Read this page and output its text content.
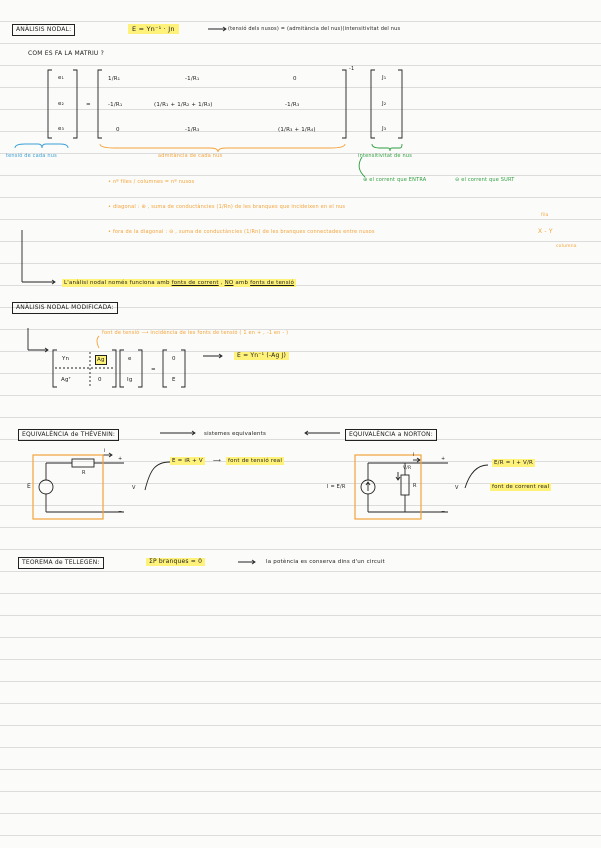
ANÀLISIS NODAL:	E = Yn⁻¹ · Jn	(tensió dels nusos) = (admitància del nus)(intensitivitat del nus
COM ES FA LA MATRIU ?
e₁
e₂
e₃
=
1/R₁	-1/R₁	0
-1/R₁	(1/R₁ + 1/R₂ + 1/R₃)	-1/R₃
0	-1/R₃	(1/R₃ + 1/R₄)
-1
J₁
J₂
J₃
tensió de cada nus	admitància de cada nus	intensitivitat de nus
⊕ el corrent que ENTRA	⊖ el corrent que SURT
• nº files / columnes = nº nusos
• diagonal : ⊕ , suma de conductàncies (1/Rn) de les branques que incideixen en el nus
• fora de la diagonal : ⊖ , suma de conductàncies (1/Rn) de les branques connectades entre nusos	X - Y
fila
columna
L'anàlisi nodal només funciona amb fonts de corrent , NO amb fonts de tensió
ANÀLISIS NODAL MODIFICADA:
font de tensió ⟶ incidència de les fonts de tensió ( 1 en + , -1 en - )
Yn	Ag
Agᵀ	0
e
Ig
=
0
E
E = Yn⁻¹ (-Ag J)
EQUIVALÈNCIA de THÉVENIN:	sistemes equivalents	EQUIVALÈNCIA a NORTON:
E
R
i
+
−
V
E = iR + V	⟶	font de tensió real
I = E/R	R
V/R
i
+
−
V
E/R = I + V/R
font de corrent real
TEOREMA de TELLEGEN:	ΣP branques = 0	la potència es conserva dins d'un circuit
